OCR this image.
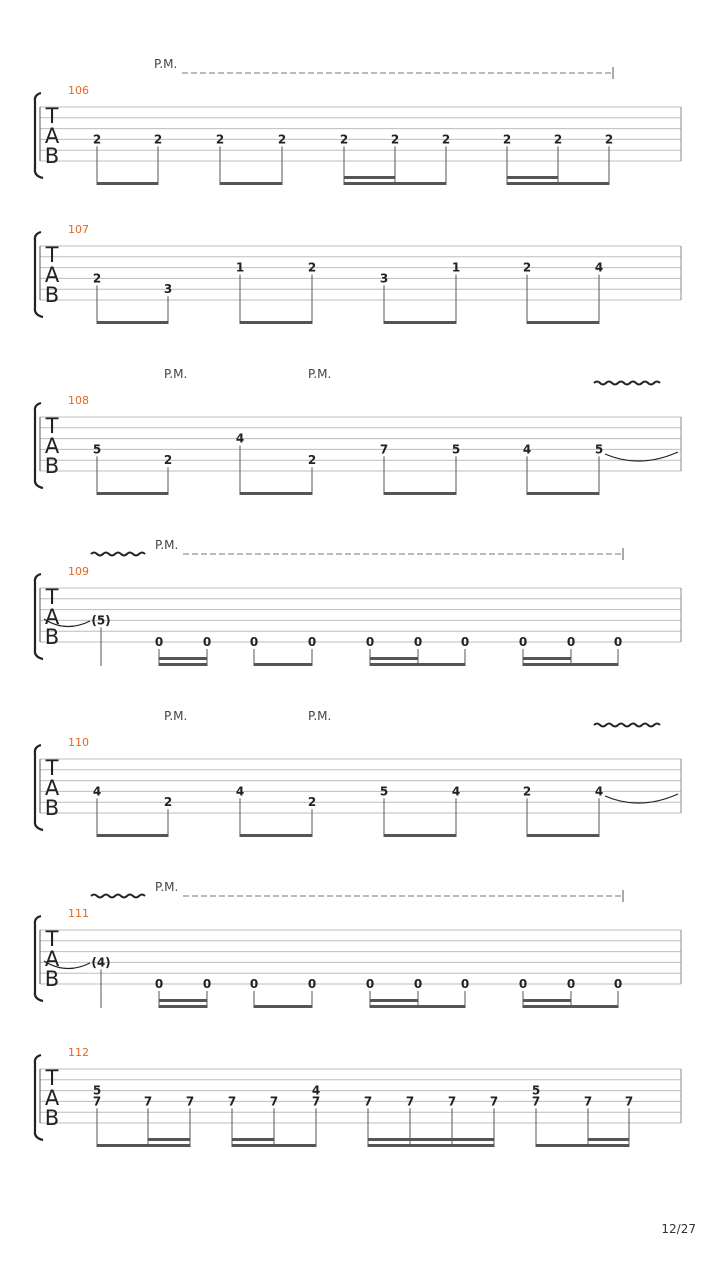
T
A
B
106
P.M.
2	2	2	2	2	2	2	2	2	2
T
A
B
107
2
3
1	2
3
1	2	4
T
A
B
108
P.M.	P.M.
5
2
4
2
7	5	4	5
T
A
B
109
P.M.
(5)
0	0	0	0	0	0	0	0	0	0
T
A
B
110
P.M.	P.M.
4
2
4
2
5	4	2	4
T
A
B
111
P.M.
(4)
0	0	0	0	0	0	0	0	0	0
T
A
B
112
5
7	7	7	7	7
4
7	7	7	7	7
5
7	7	7
12/27
